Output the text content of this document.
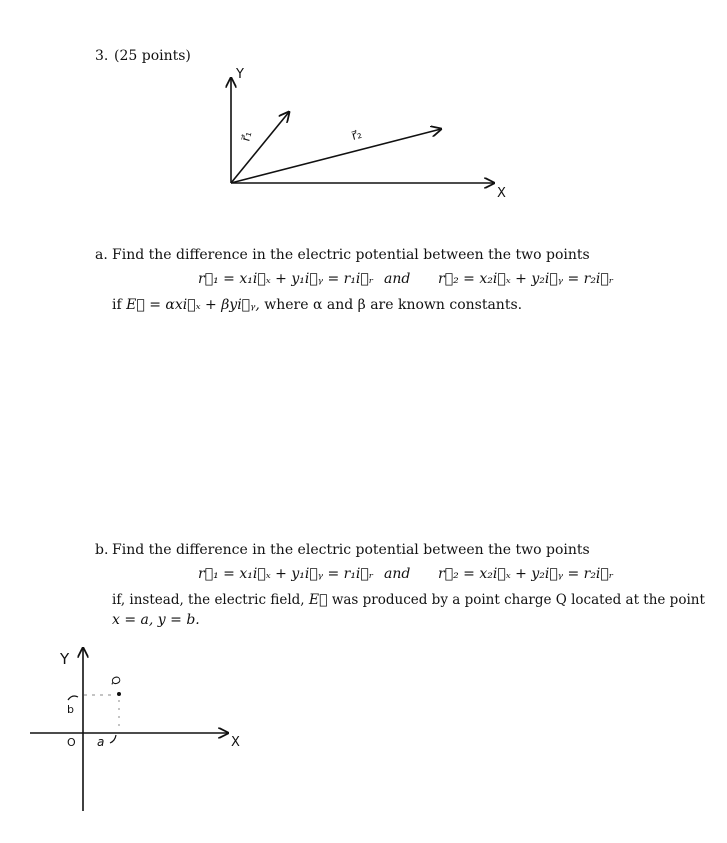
3. (25 points)
Y
X
r⃗₁	r⃗₂
a. Find the difference in the electric potential between the two points
r⃗₁ = x₁i⃗ₓ + y₁i⃗ᵧ = r₁i⃗ᵣ and r⃗₂ = x₂i⃗ₓ + y₂i⃗ᵧ = r₂i⃗ᵣ
if E⃗ = αxi⃗ₓ + βyi⃗ᵧ, where α and β are known constants.
b. Find the difference in the electric potential between the two points
r⃗₁ = x₁i⃗ₓ + y₁i⃗ᵧ = r₁i⃗ᵣ and r⃗₂ = x₂i⃗ₓ + y₂i⃗ᵧ = r₂i⃗ᵣ
if, instead, the electric field, E⃗ was produced by a point charge Q located at the point
x = a, y = b.
Y
X
O
Q
b
a
